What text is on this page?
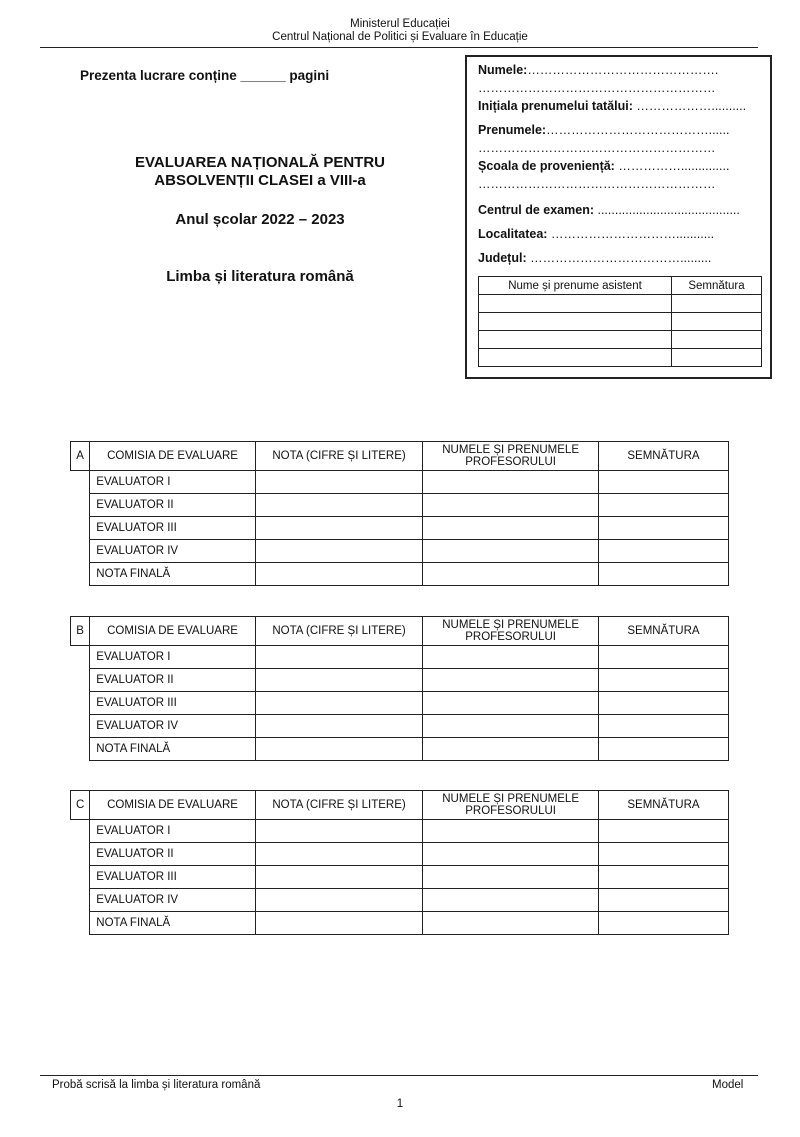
Ministerul Educației
Centrul Național de Politici și Evaluare în Educație
Prezenta lucrare conține ______ pagini
EVALUAREA NAȚIONALĂ PENTRU
ABSOLVENȚII CLASEI a VIII-a
Anul școlar 2022 – 2023
Limba și literatura română
Numele:……………………………………….
…………………………………………………
Inițiala prenumelui tatălui: ………………..........
Prenumele:…………………………………......
…………………………………………………
Școala de proveniență: ……………..............
…………………………………………………
Centrul de examen: .........................................
Localitatea: …………………………...........
Județul: ……………………………….........
Nume și prenume asistent	Semnătura

A	COMISIA DE EVALUARE	NOTA (CIFRE ȘI LITERE)	NUMELE ȘI PRENUMELE PROFESORULUI	SEMNĂTURA
	EVALUATOR I			
	EVALUATOR II			
	EVALUATOR III			
	EVALUATOR IV			
	NOTA FINALĂ			
B	COMISIA DE EVALUARE	NOTA (CIFRE ȘI LITERE)	NUMELE ȘI PRENUMELE PROFESORULUI	SEMNĂTURA
	EVALUATOR I			
	EVALUATOR II			
	EVALUATOR III			
	EVALUATOR IV			
	NOTA FINALĂ			
C	COMISIA DE EVALUARE	NOTA (CIFRE ȘI LITERE)	NUMELE ȘI PRENUMELE PROFESORULUI	SEMNĂTURA
	EVALUATOR I			
	EVALUATOR II			
	EVALUATOR III			
	EVALUATOR IV			
	NOTA FINALĂ			
Probă scrisă la limba și literatura română	Model
1
